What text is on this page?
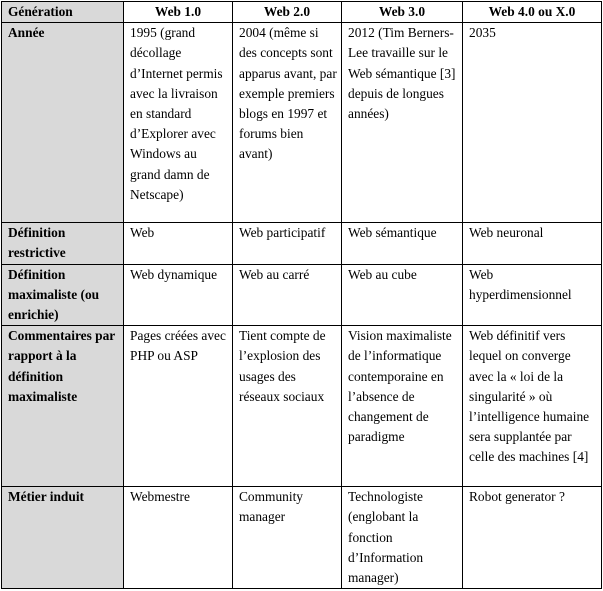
Génération	Web 1.0	Web 2.0	Web 3.0	Web 4.0 ou X.0
Année	1995 (grand décollage d’Internet permis avec la livraison en standard d’Explorer avec Windows au grand damn de Netscape)	2004 (même si des concepts sont apparus avant, par exemple premiers blogs en 1997 et forums bien avant)	2012 (Tim Berners-Lee travaille sur le Web sémantique [3] depuis de longues années)	2035
Définition restrictive	Web	Web participatif	Web sémantique	Web neuronal
Définition maximaliste (ou enrichie)	Web dynamique	Web au carré	Web au cube	Web hyperdimensionnel
Commentaires par rapport à la définition maximaliste	Pages créées avec PHP ou ASP	Tient compte de l’explosion des usages des réseaux sociaux	Vision maximaliste de l’informatique contemporaine en l’absence de changement de paradigme	Web définitif vers lequel on converge avec la « loi de la singularité » où l’intelligence humaine sera supplantée par celle des machines [4]
Métier induit	Webmestre	Community manager	Technologiste (englobant la fonction d’Information manager)	Robot generator ?
